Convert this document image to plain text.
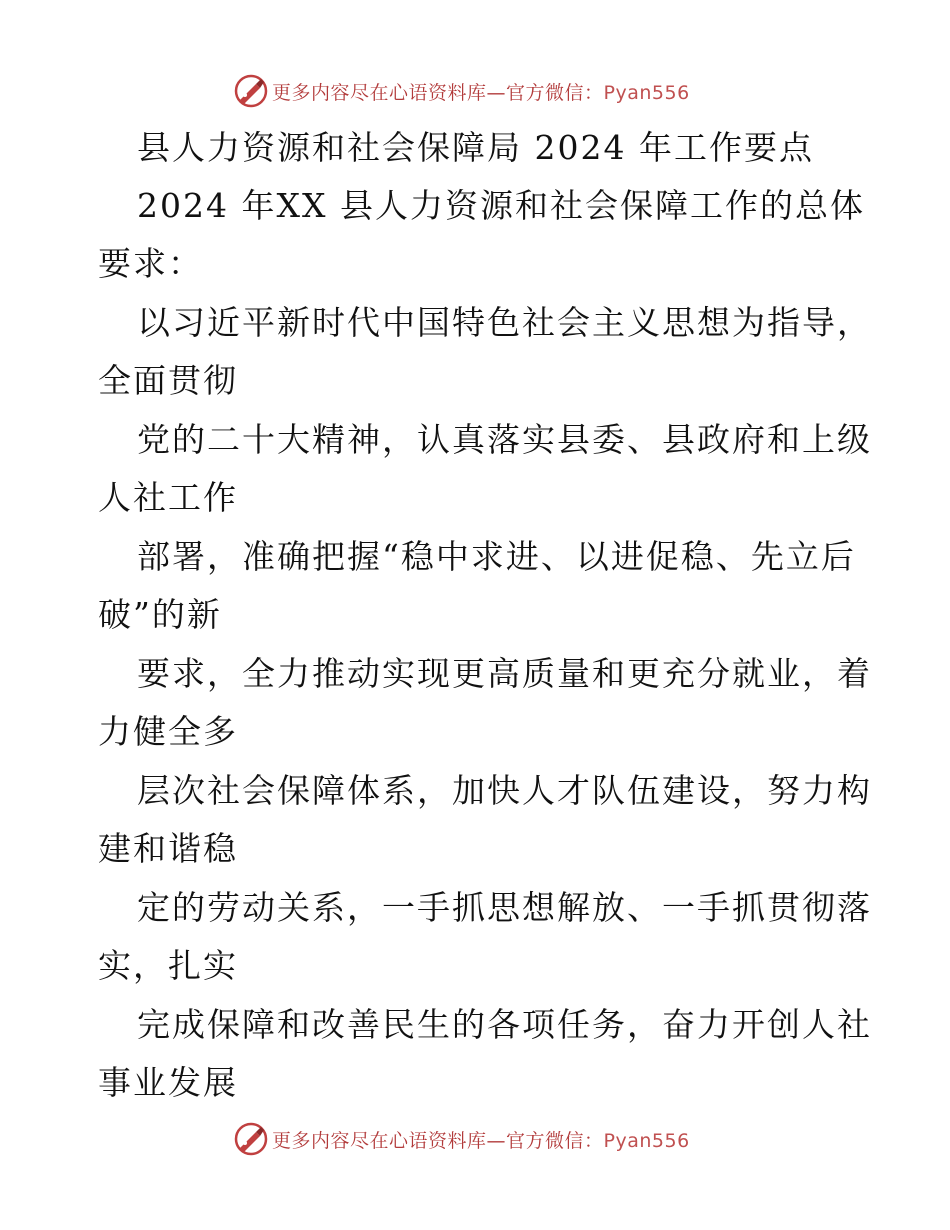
更多内容尽在心语资料库—官方微信：Pyan556
县人力资源和社会保障局 2024 年工作要点
2024 年XX 县人力资源和社会保障工作的总体
要求：
以习近平新时代中国特色社会主义思想为指导，
全面贯彻
党的二十大精神，认真落实县委、县政府和上级
人社工作
部署，准确把握“稳中求进、以进促稳、先立后
破”的新
要求，全力推动实现更高质量和更充分就业，着
力健全多
层次社会保障体系，加快人才队伍建设，努力构
建和谐稳
定的劳动关系，一手抓思想解放、一手抓贯彻落
实，扎实
完成保障和改善民生的各项任务，奋力开创人社
事业发展
更多内容尽在心语资料库—官方微信：Pyan556
